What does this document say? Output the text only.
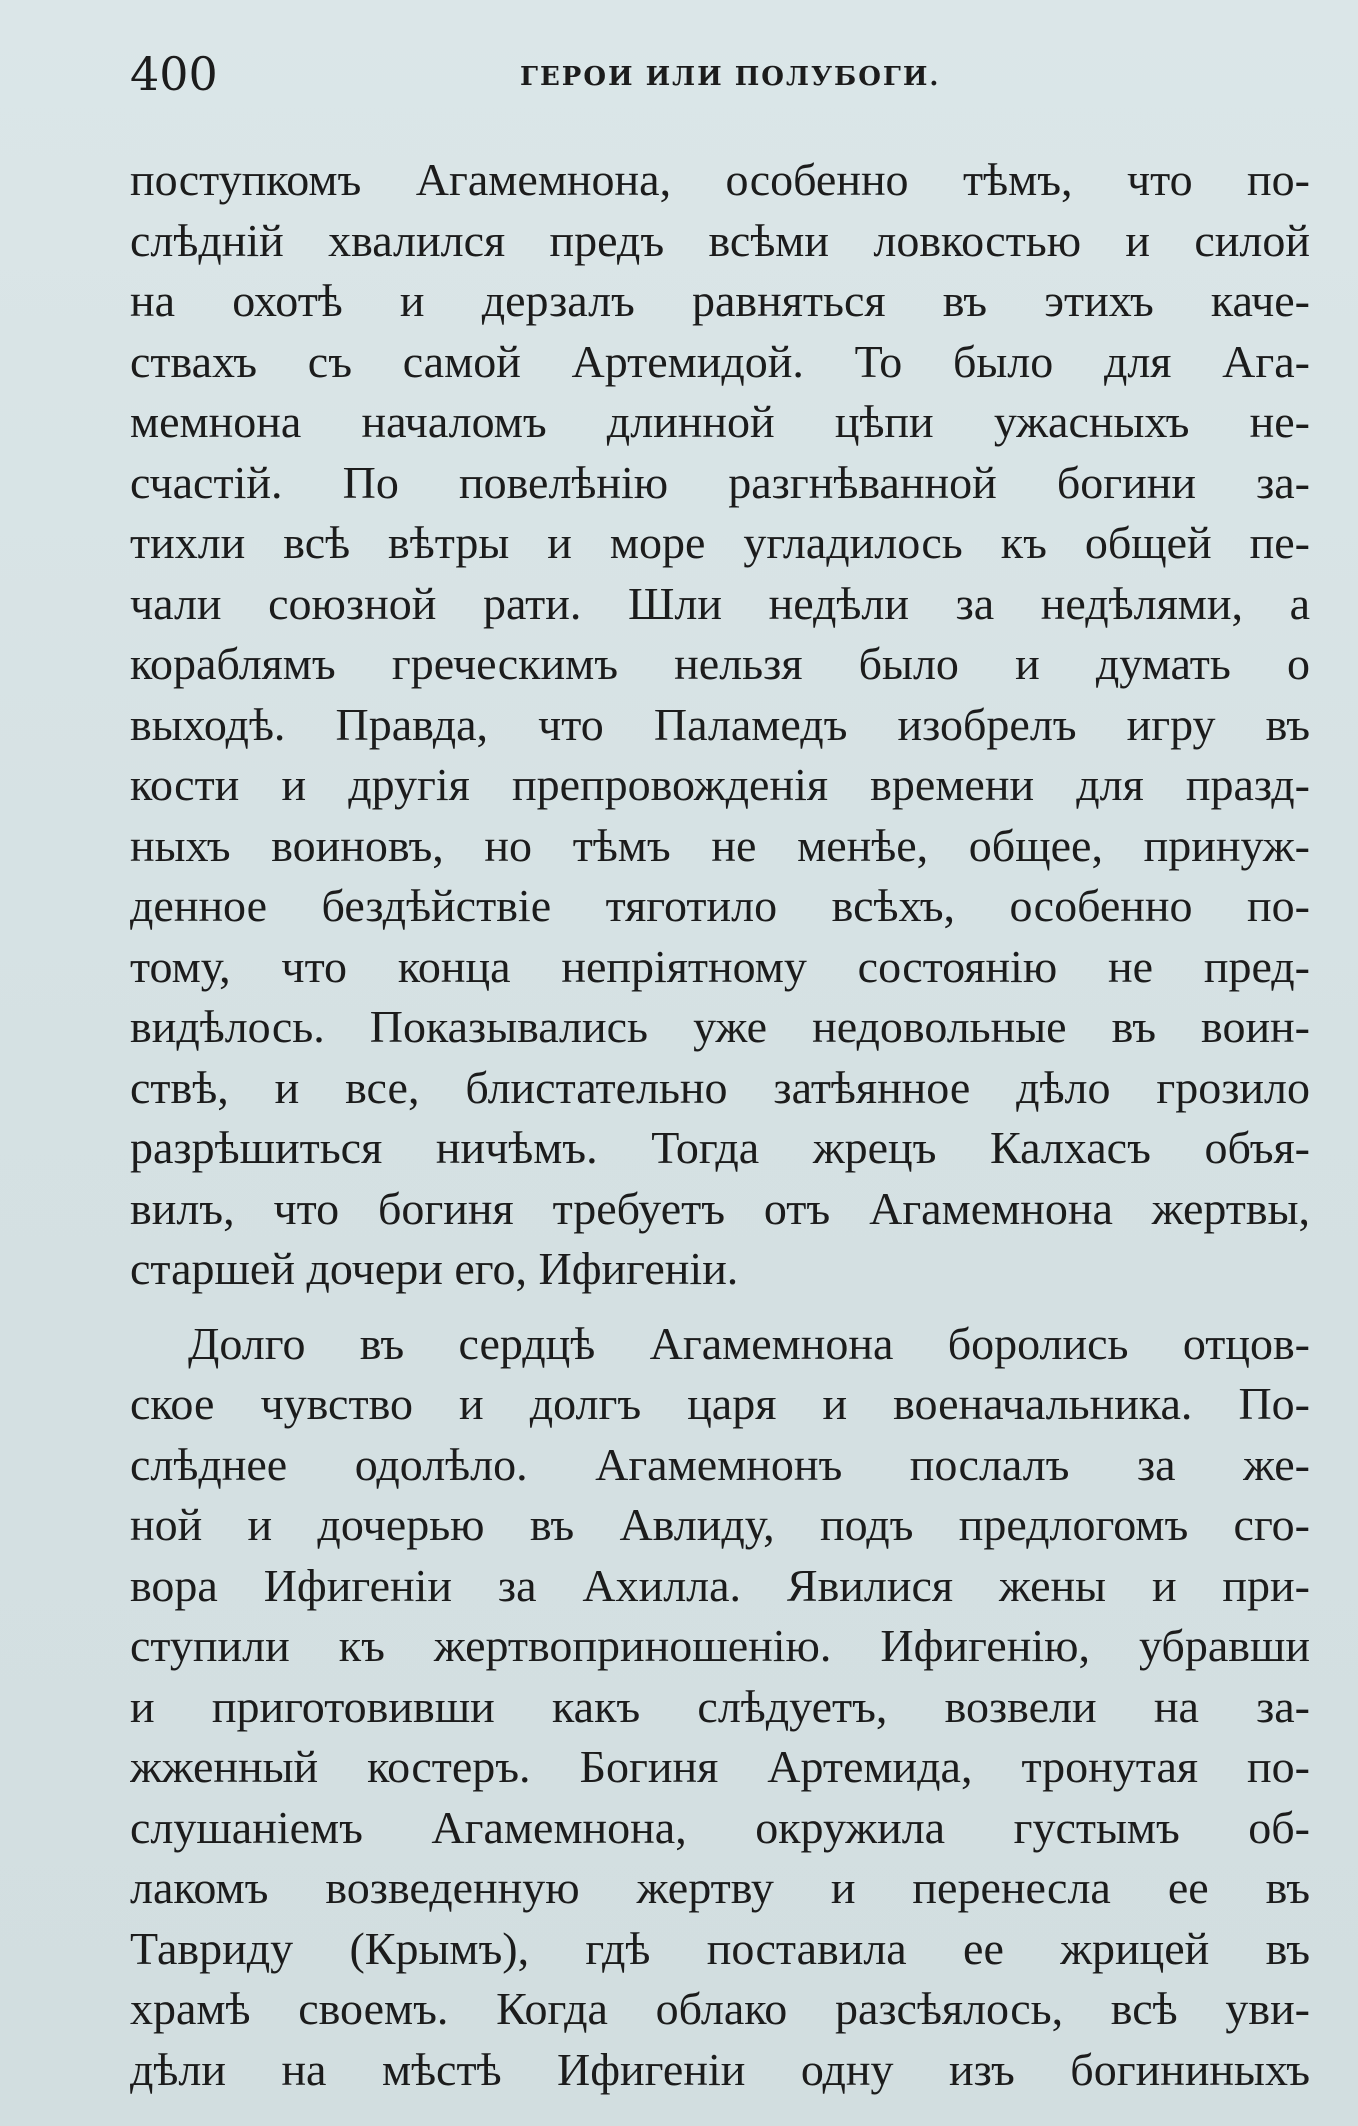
400	ГЕРОИ ИЛИ ПОЛУБОГИ.
поступкомъ Агамемнона, особенно тѣмъ, что по-
слѣдній хвалился предъ всѣми ловкостью и силой
на охотѣ и дерзалъ равняться въ этихъ каче-
ствахъ съ самой Артемидой. То было для Ага-
мемнона началомъ длинной цѣпи ужасныхъ не-
счастій. По повелѣнію разгнѣванной богини за-
тихли всѣ вѣтры и море угладилось къ общей пе-
чали союзной рати. Шли недѣли за недѣлями, а
кораблямъ греческимъ нельзя было и думать о
выходѣ. Правда, что Паламедъ изобрелъ игру въ
кости и другія препровожденія времени для празд-
ныхъ воиновъ, но тѣмъ не менѣе, общее, принуж-
денное бездѣйствіе тяготило всѣхъ, особенно по-
тому, что конца непріятному состоянію не пред-
видѣлось. Показывались уже недовольные въ воин-
ствѣ, и все, блистательно затѣянное дѣло грозило
разрѣшиться ничѣмъ. Тогда жрецъ Калхасъ объя-
вилъ, что богиня требуетъ отъ Агамемнона жертвы,
старшей дочери его, Ифигеніи.
Долго въ сердцѣ Агамемнона боролись отцов-
ское чувство и долгъ царя и военачальника. По-
слѣднее одолѣло. Агамемнонъ послалъ за же-
ной и дочерью въ Авлиду, подъ предлогомъ сго-
вора Ифигеніи за Ахилла. Явилися жены и при-
ступили къ жертвоприношенію. Ифигенію, убравши
и приготовивши какъ слѣдуетъ, возвели на за-
жженный костеръ. Богиня Артемида, тронутая по-
слушаніемъ Агамемнона, окружила густымъ об-
лакомъ возведенную жертву и перенесла ее въ
Тавриду (Крымъ), гдѣ поставила ее жрицей въ
храмѣ своемъ. Когда облако разсѣялось, всѣ уви-
дѣли на мѣстѣ Ифигеніи одну изъ богининыхъ
